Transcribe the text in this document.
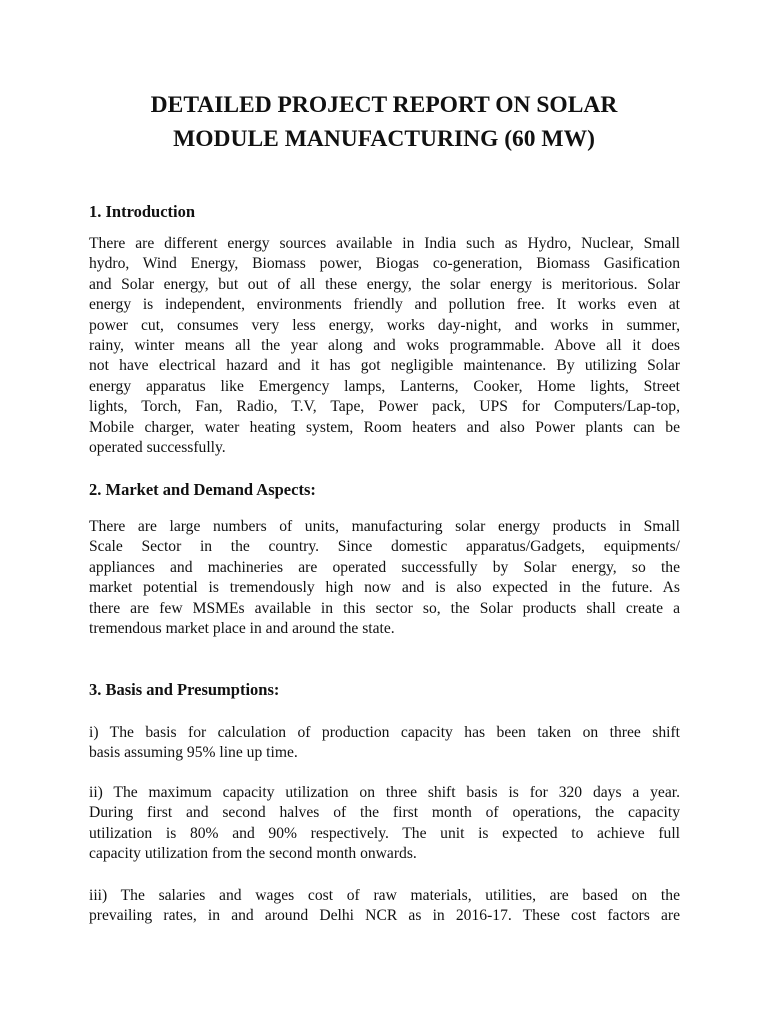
DETAILED PROJECT REPORT ON SOLAR
MODULE MANUFACTURING (60 MW)
1. Introduction

There are different energy sources available in India such as Hydro, Nuclear, Small
hydro, Wind Energy, Biomass power, Biogas co-generation, Biomass Gasification
and Solar energy, but out of all these energy, the solar energy is meritorious. Solar
energy is independent, environments friendly and pollution free. It works even at
power cut, consumes very less energy, works day-night, and works in summer,
rainy, winter means all the year along and woks programmable. Above all it does
not have electrical hazard and it has got negligible maintenance. By utilizing Solar
energy apparatus like Emergency lamps, Lanterns, Cooker, Home lights, Street
lights, Torch, Fan, Radio, T.V, Tape, Power pack, UPS for Computers/Lap-top,
Mobile charger, water heating system, Room heaters and also Power plants can be
operated successfully.

2. Market and Demand Aspects:

There are large numbers of units, manufacturing solar energy products in Small
Scale Sector in the country. Since domestic apparatus/Gadgets, equipments/
appliances and machineries are operated successfully by Solar energy, so the
market potential is tremendously high now and is also expected in the future. As
there are few MSMEs available in this sector so, the Solar products shall create a
tremendous market place in and around the state.

3. Basis and Presumptions:

i) The basis for calculation of production capacity has been taken on three shift
basis assuming 95% line up time.

ii) The maximum capacity utilization on three shift basis is for 320 days a year.
During first and second halves of the first month of operations, the capacity
utilization is 80% and 90% respectively. The unit is expected to achieve full
capacity utilization from the second month onwards.

iii) The salaries and wages cost of raw materials, utilities, are based on the
prevailing rates, in and around Delhi NCR as in 2016-17. These cost factors are
